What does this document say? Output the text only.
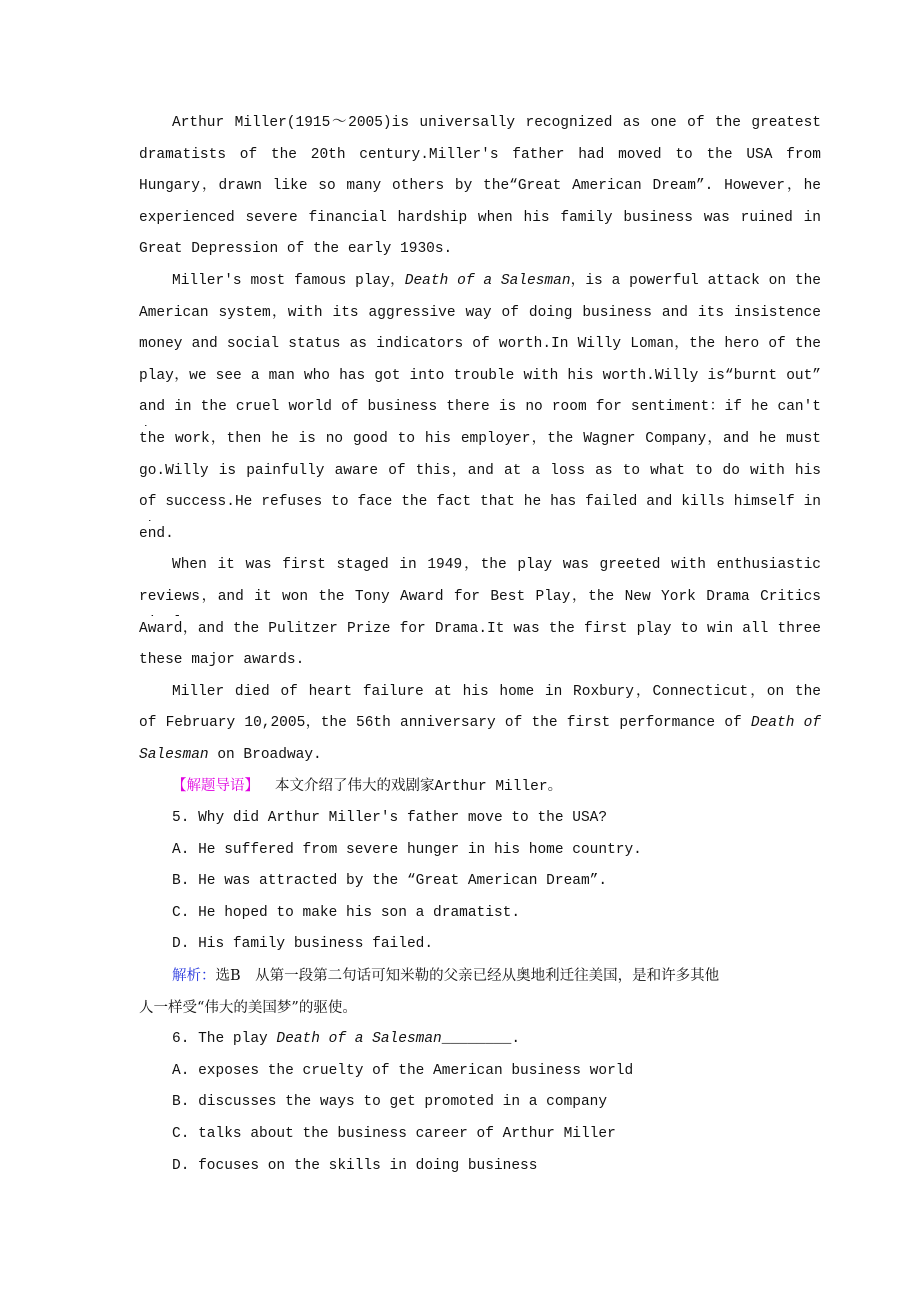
Arthur Miller(1915～2005)is universally recognized as one of the greatest
dramatists of the 20th century.Miller's father had moved to the USA from
Hungary，drawn like so many others by the“Great American Dream”. However，he
experienced severe financial hardship when his family business was ruined in
Great Depression of the early 1930s.
Miller's most famous play，Death of a Salesman，is a powerful attack on the
American system，with its aggressive way of doing business and its insistence
money and social status as indicators of worth.In Willy Loman，the hero of the
play，we see a man who has got into trouble with his worth.Willy is“burnt out”
and in the cruel world of business there is no room for sentiment：if he can't
the work，then he is no good to his employer，the Wagner Company，and he must
go.Willy is painfully aware of this，and at a loss as to what to do with his
of success.He refuses to face the fact that he has failed and kills himself in
end.
When it was first staged in 1949，the play was greeted with enthusiastic
reviews，and it won the Tony Award for Best Play，the New York Drama Critics
Award，and the Pulitzer Prize for Drama.It was the first play to win all three
these major awards.
Miller died of heart failure at his home in Roxbury，Connecticut，on the
of February 10,2005，the 56th anniversary of the first performance of Death of
Salesman on Broadway.
【解题导语】　 本文介绍了伟大的戏剧家Arthur Miller。
5. Why did Arthur Miller's father move to the USA?
A. He suffered from severe hunger in his home country.
B. He was attracted by the “Great American Dream”.
C. He hoped to make his son a dramatist.
D. His family business failed.
解析：选B　从第一段第二句话可知米勒的父亲已经从奥地利迁往美国，是和许多其他
人一样受“伟大的美国梦”的驱使。
6. The play Death of a Salesman________.
A. exposes the cruelty of the American business world
B. discusses the ways to get promoted in a company
C. talks about the business career of Arthur Miller
D. focuses on the skills in doing business
